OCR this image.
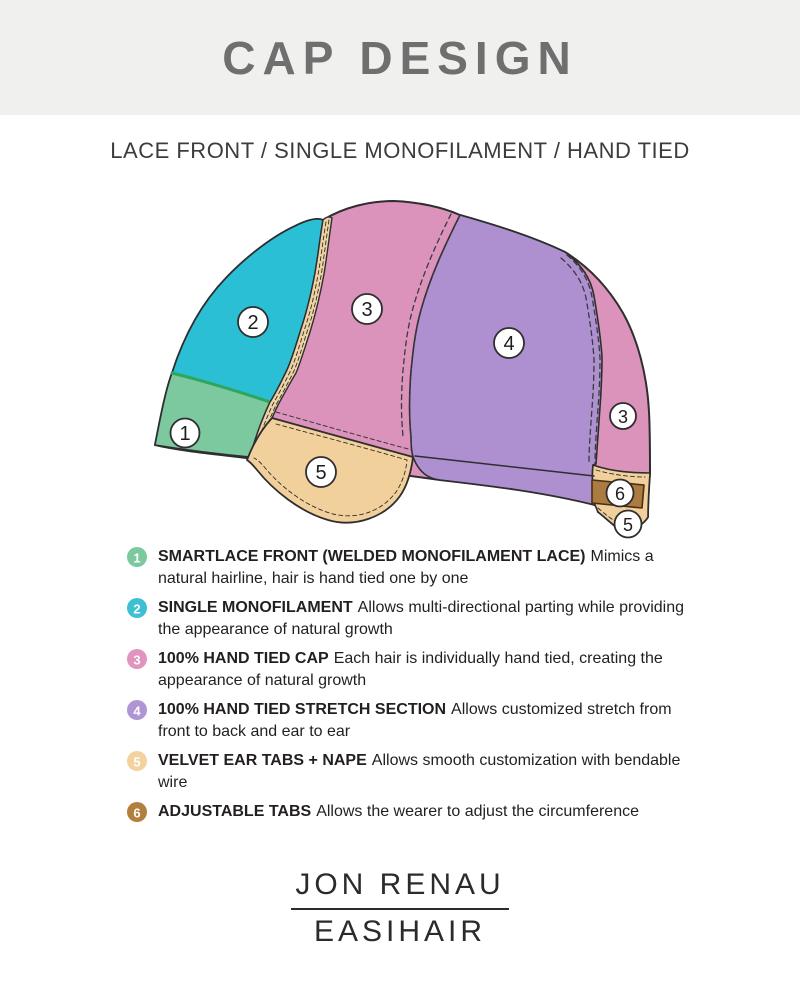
CAP DESIGN
LACE FRONT / SINGLE MONOFILAMENT / HAND TIED
1
2
3
4
3
5
6
5
1 SMARTLACE FRONT (WELDED MONOFILAMENT LACE) Mimics a natural hairline, hair is hand tied one by one
2 SINGLE MONOFILAMENT Allows multi-directional parting while providing the appearance of natural growth
3 100% HAND TIED CAP Each hair is individually hand tied, creating the appearance of natural growth
4 100% HAND TIED STRETCH SECTION Allows customized stretch from front to back and ear to ear
5 VELVET EAR TABS + NAPE Allows smooth customization with bendable wire
6 ADJUSTABLE TABS Allows the wearer to adjust the circumference
JON RENAU
EASIHAIR
